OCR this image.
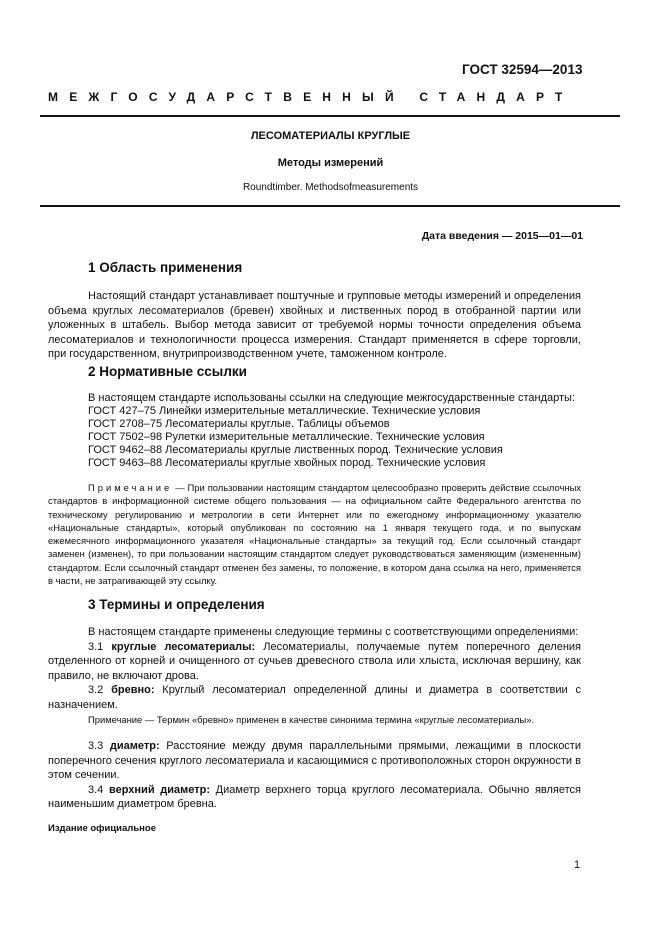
ГОСТ 32594—2013
МЕЖГОСУДАРСТВЕННЫЙ СТАНДАРТ
ЛЕСОМАТЕРИАЛЫ КРУГЛЫЕ
Методы измерений
Roundtimber. Methodsofmeasurements
Дата введения — 2015—01—01
1 Область применения

Настоящий стандарт устанавливает поштучные и групповые методы измерений и определения объема круглых лесоматериалов (бревен) хвойных и лиственных пород в отобранной партии или уложенных в штабель. Выбор метода зависит от требуемой нормы точности определения объема лесоматериалов и технологичности процесса измерения. Стандарт применяется в сфере торговли, при государственном, внутрипроизводственном учете, таможенном контроле.

2 Нормативные ссылки
В настоящем стандарте использованы ссылки на следующие межгосударственные стандарты:
ГОСТ 427–75 Линейки измерительные металлические. Технические условия
ГОСТ 2708–75 Лесоматериалы круглые. Таблицы объемов
ГОСТ 7502–98 Рулетки измерительные металлические. Технические условия
ГОСТ 9462–88 Лесоматериалы круглые лиственных пород. Технические условия
ГОСТ 9463–88 Лесоматериалы круглые хвойных пород. Технические условия

Примечание — При пользовании настоящим стандартом целесообразно проверить действие ссылочных стандартов в информационной системе общего пользования — на официальном сайте Федерального агентства по техническому регулированию и метрологии в сети Интернет или по ежегодному информационному указателю «Национальные стандарты», который опубликован по состоянию на 1 января текущего года, и по выпускам ежемесячного информационного указателя «Национальные стандарты» за текущий год. Если ссылочный стандарт заменен (изменен), то при пользовании настоящим стандартом следует руководствоваться заменяющим (измененным) стандартом. Если ссылочный стандарт отменен без замены, то положение, в котором дана ссылка на него, применяется в части, не затрагивающей эту ссылку.

3 Термины и определения

В настоящем стандарте применены следующие термины с соответствующими определениями:

3.1 круглые лесоматериалы: Лесоматериалы, получаемые путем поперечного деления отделенного от корней и очищенного от сучьев древесного ствола или хлыста, исключая вершину, как правило, не включают дрова.

3.2 бревно: Круглый лесоматериал определенной длины и диаметра в соответствии с назначением.

Примечание — Термин «бревно» применен в качестве синонима термина «круглые лесоматериалы».

3.3 диаметр: Расстояние между двумя параллельными прямыми, лежащими в плоскости поперечного сечения круглого лесоматериала и касающимися с противоположных сторон окружности в этом сечении.

3.4 верхний диаметр: Диаметр верхнего торца круглого лесоматериала. Обычно является наименьшим диаметром бревна.

Издание официальное
1
